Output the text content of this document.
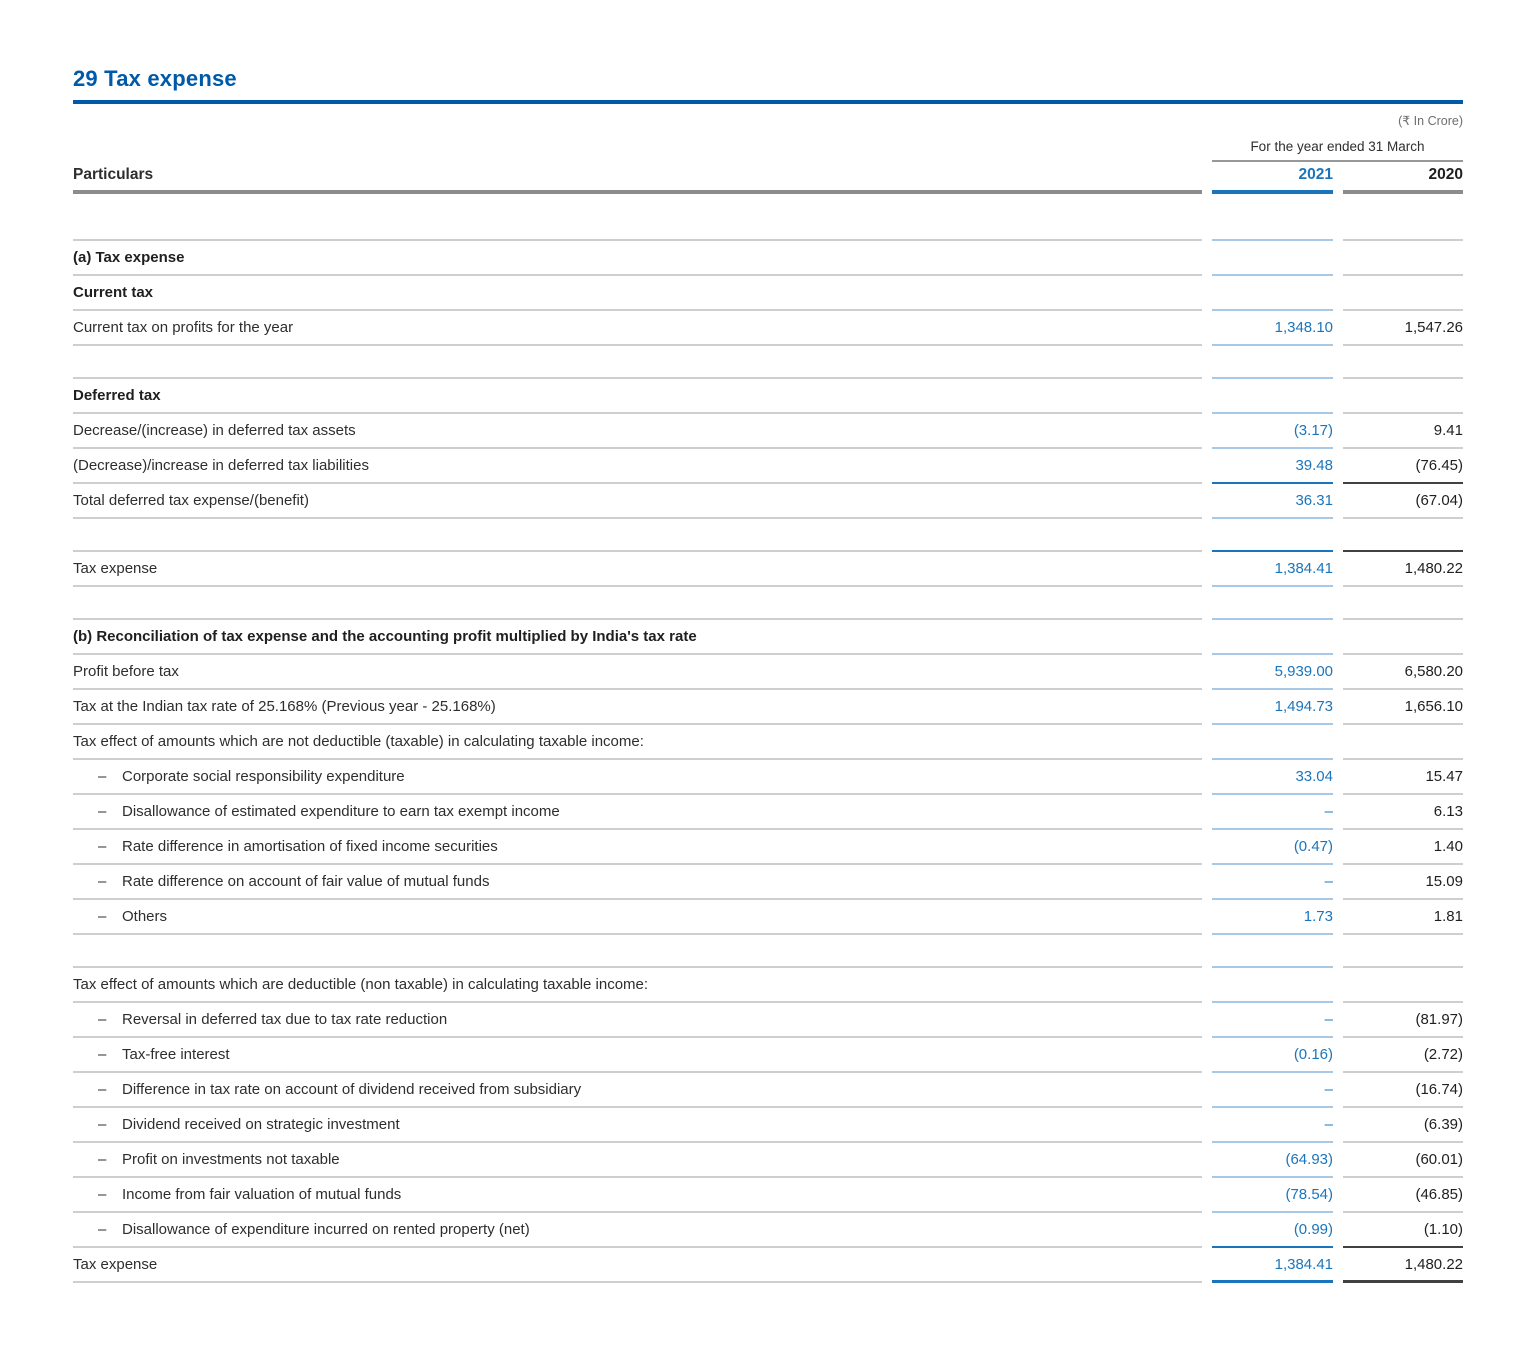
29 Tax expense
(₹ In Crore)
For the year ended 31 March
Particulars	2021	2020
(a) Tax expense
Current tax
Current tax on profits for the year	1,348.10	1,547.26
Deferred tax
Decrease/(increase) in deferred tax assets	(3.17)	9.41
(Decrease)/increase in deferred tax liabilities	39.48	(76.45)
Total deferred tax expense/(benefit)	36.31	(67.04)
Tax expense	1,384.41	1,480.22
(b) Reconciliation of tax expense and the accounting profit multiplied by India's tax rate
Profit before tax	5,939.00	6,580.20
Tax at the Indian tax rate of 25.168% (Previous year - 25.168%)	1,494.73	1,656.10
Tax effect of amounts which are not deductible (taxable) in calculating taxable income:
–	Corporate social responsibility expenditure	33.04	15.47
–	Disallowance of estimated expenditure to earn tax exempt income	–	6.13
–	Rate difference in amortisation of fixed income securities	(0.47)	1.40
–	Rate difference on account of fair value of mutual funds	–	15.09
–	Others	1.73	1.81
Tax effect of amounts which are deductible (non taxable) in calculating taxable income:
–	Reversal in deferred tax due to tax rate reduction	–	(81.97)
–	Tax-free interest	(0.16)	(2.72)
–	Difference in tax rate on account of dividend received from subsidiary	–	(16.74)
–	Dividend received on strategic investment	–	(6.39)
–	Profit on investments not taxable	(64.93)	(60.01)
–	Income from fair valuation of mutual funds	(78.54)	(46.85)
–	Disallowance of expenditure incurred on rented property (net)	(0.99)	(1.10)
Tax expense	1,384.41	1,480.22
